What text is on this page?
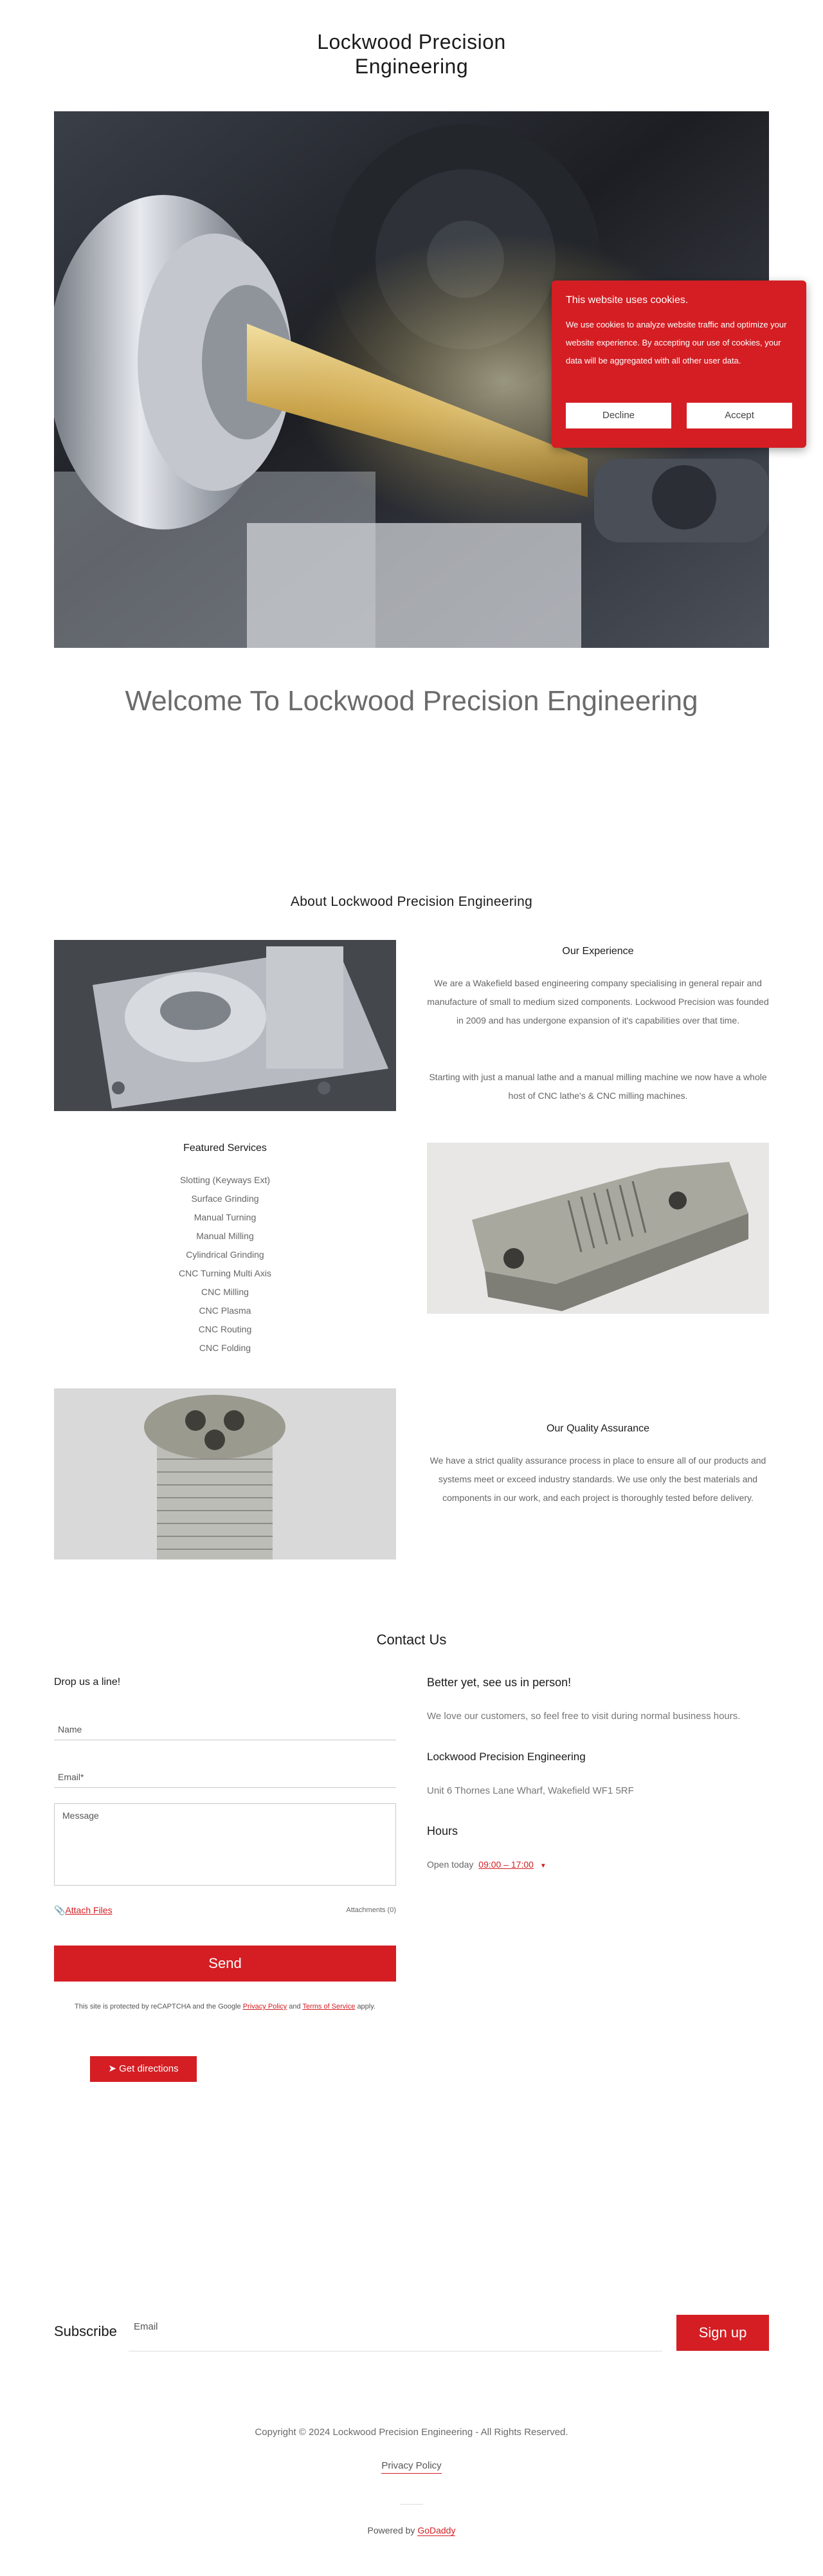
Lockwood Precision
Engineering
This website uses cookies.
We use cookies to analyze website traffic and optimize your website experience. By accepting our use of cookies, your data will be aggregated with all other user data.
Decline	Accept
Welcome To Lockwood Precision Engineering
About Lockwood Precision Engineering
Our Experience
We are a Wakefield based engineering company specialising in general repair and manufacture of small to medium sized components. Lockwood Precision was founded in 2009 and has undergone expansion of it's capabilities over that time.
Starting with just a manual lathe and a manual milling machine we now have a whole host of CNC lathe's & CNC milling machines.
Featured Services
Slotting (Keyways Ext)
Surface Grinding
Manual Turning
Manual Milling
Cylindrical Grinding
CNC Turning Multi Axis
CNC Milling
CNC Plasma
CNC Routing
CNC Folding
Our Quality Assurance
We have a strict quality assurance process in place to ensure all of our products and systems meet or exceed industry standards. We use only the best materials and components in our work, and each project is thoroughly tested before delivery.
Contact Us
Drop us a line!
Name
Email*
Message
📎Attach Files	Attachments (0)
Send
This site is protected by reCAPTCHA and the Google Privacy Policy and Terms of Service apply.
➤ Get directions
Better yet, see us in person!
We love our customers, so feel free to visit during normal business hours.
Lockwood Precision Engineering
Unit 6 Thornes Lane Wharf, Wakefield WF1 5RF
Hours
Open today 09:00 – 17:00 ▼
Subscribe Email	Sign up
Copyright © 2024 Lockwood Precision Engineering - All Rights Reserved.
Privacy Policy
Powered by GoDaddy
